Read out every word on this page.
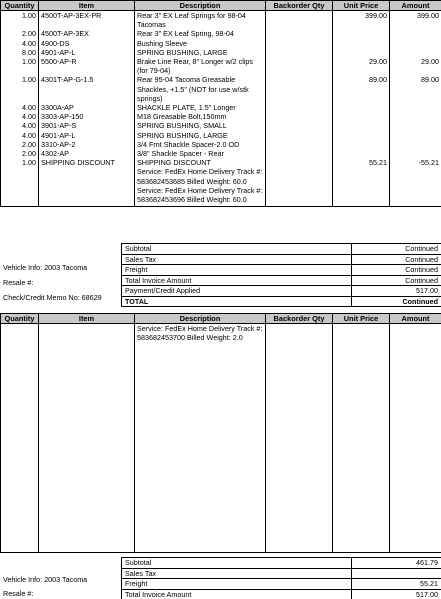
Quantity	Item	Description	Backorder Qty	Unit Price	Amount
1.00	4500T-AP-3EX-PR	Rear 3" EX Leaf Springs for 98-04
Tacomas		399.00	399.00
2.00	4500T-AP-3EX	Rear 3" EX Leaf Spring, 98-04			

4.00	4900-DS	Bushing Sleeve			

8.00	4901-AP-L	SPRING BUSHING, LARGE			

1.00	5500-AP-R	Brake Line Rear, 8" Longer w/2 clips
(for 79-04)		29.00	29.00
1.00	4301T-AP-G-1.5	Rear 95-04 Tacoma Greasable
Shackles, +1.5" (NOT for use w/stk
springs)		89.00	89.00
4.00	3300A-AP	SHACKLE PLATE, 1.5" Longer			

4.00	3303-AP-150	M18 Greasable Bolt,150mm			

4.00	3901-AP-S	SPRING BUSHING, SMALL			

4.00	4901-AP-L	SPRING BUSHING, LARGE			

2.00	3310-AP-2	3/4 Frnt Shackle Spacer-2.0 OD			

2.00	4302-AP	3/8" Shackle Spacer - Rear			

1.00	SHIPPING DISCOUNT	SHIPPING DISCOUNT		55.21	-55.21

		Service: FedEx Home Delivery Track #:
583682453685 Billed Weight: 60.0			

		Service: FedEx Home Delivery Track #:
583682453696 Billed Weight: 60.0			

Vehicle Info: 2003 Tacoma
Resale #:
Check/Credit Memo No: 68629
Subtotal	Continued
Sales Tax	Continued
Freight	Continued
Total Invoice Amount	Continued
Payment/Credit Applied	517.00
TOTAL	Continued
Quantity	Item	Description	Backorder Qty	Unit Price	Amount

		Service: FedEx Home Delivery Track #:
583682453700 Billed Weight: 2.0			

Vehicle Info: 2003 Tacoma
Resale #:
Subtotal	461.79
Sales Tax	
Freight	55.21
Total Invoice Amount	517.00
